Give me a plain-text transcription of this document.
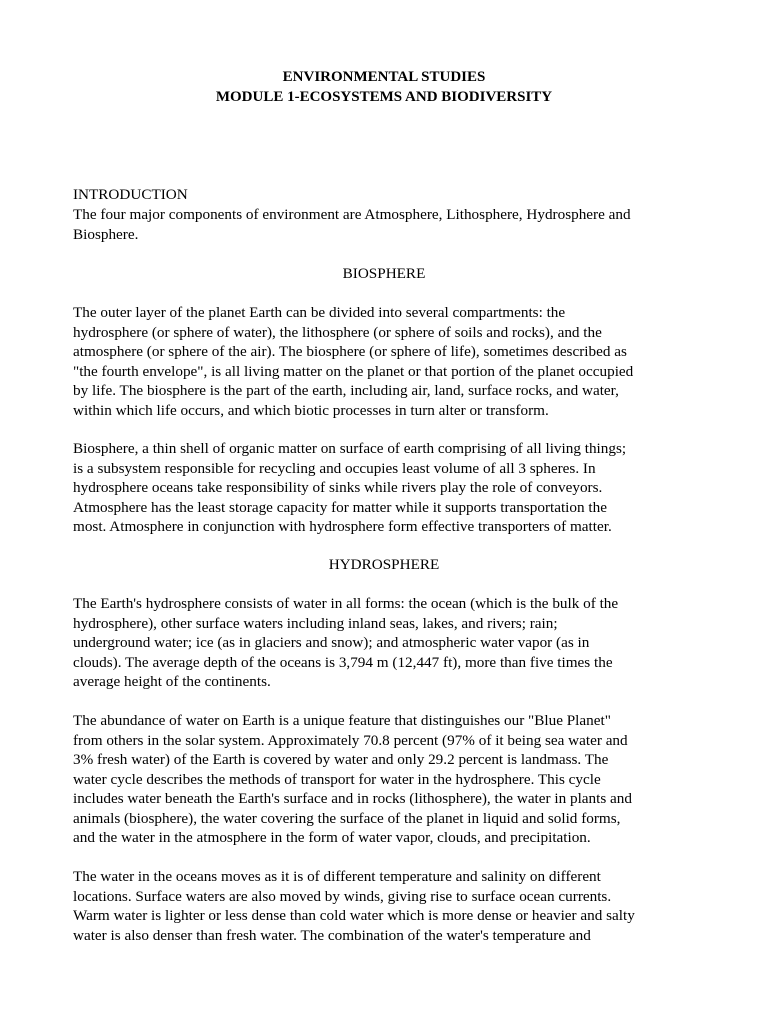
ENVIRONMENTAL STUDIES
MODULE 1-ECOSYSTEMS AND BIODIVERSITY
INTRODUCTION
The four major components of environment are Atmosphere, Lithosphere, Hydrosphere and
Biosphere.
BIOSPHERE
The outer layer of the planet Earth can be divided into several compartments: the
hydrosphere (or sphere of water), the lithosphere (or sphere of soils and rocks), and the
atmosphere (or sphere of the air). The biosphere (or sphere of life), sometimes described as
"the fourth envelope", is all living matter on the planet or that portion of the planet occupied
by life. The biosphere is the part of the earth, including air, land, surface rocks, and water,
within which life occurs, and which biotic processes in turn alter or transform.
Biosphere, a thin shell of organic matter on surface of earth comprising of all living things;
is a subsystem responsible for recycling and occupies least volume of all 3 spheres. In
hydrosphere oceans take responsibility of sinks while rivers play the role of conveyors.
Atmosphere has the least storage capacity for matter while it supports transportation the
most. Atmosphere in conjunction with hydrosphere form effective transporters of matter.
HYDROSPHERE
The Earth's hydrosphere consists of water in all forms: the ocean (which is the bulk of the
hydrosphere), other surface waters including inland seas, lakes, and rivers; rain;
underground water; ice (as in glaciers and snow); and atmospheric water vapor (as in
clouds). The average depth of the oceans is 3,794 m (12,447 ft), more than five times the
average height of the continents.
The abundance of water on Earth is a unique feature that distinguishes our "Blue Planet"
from others in the solar system. Approximately 70.8 percent (97% of it being sea water and
3% fresh water) of the Earth is covered by water and only 29.2 percent is landmass. The
water cycle describes the methods of transport for water in the hydrosphere. This cycle
includes water beneath the Earth's surface and in rocks (lithosphere), the water in plants and
animals (biosphere), the water covering the surface of the planet in liquid and solid forms,
and the water in the atmosphere in the form of water vapor, clouds, and precipitation.
The water in the oceans moves as it is of different temperature and salinity on different
locations. Surface waters are also moved by winds, giving rise to surface ocean currents.
Warm water is lighter or less dense than cold water which is more dense or heavier and salty
water is also denser than fresh water. The combination of the water's temperature and
